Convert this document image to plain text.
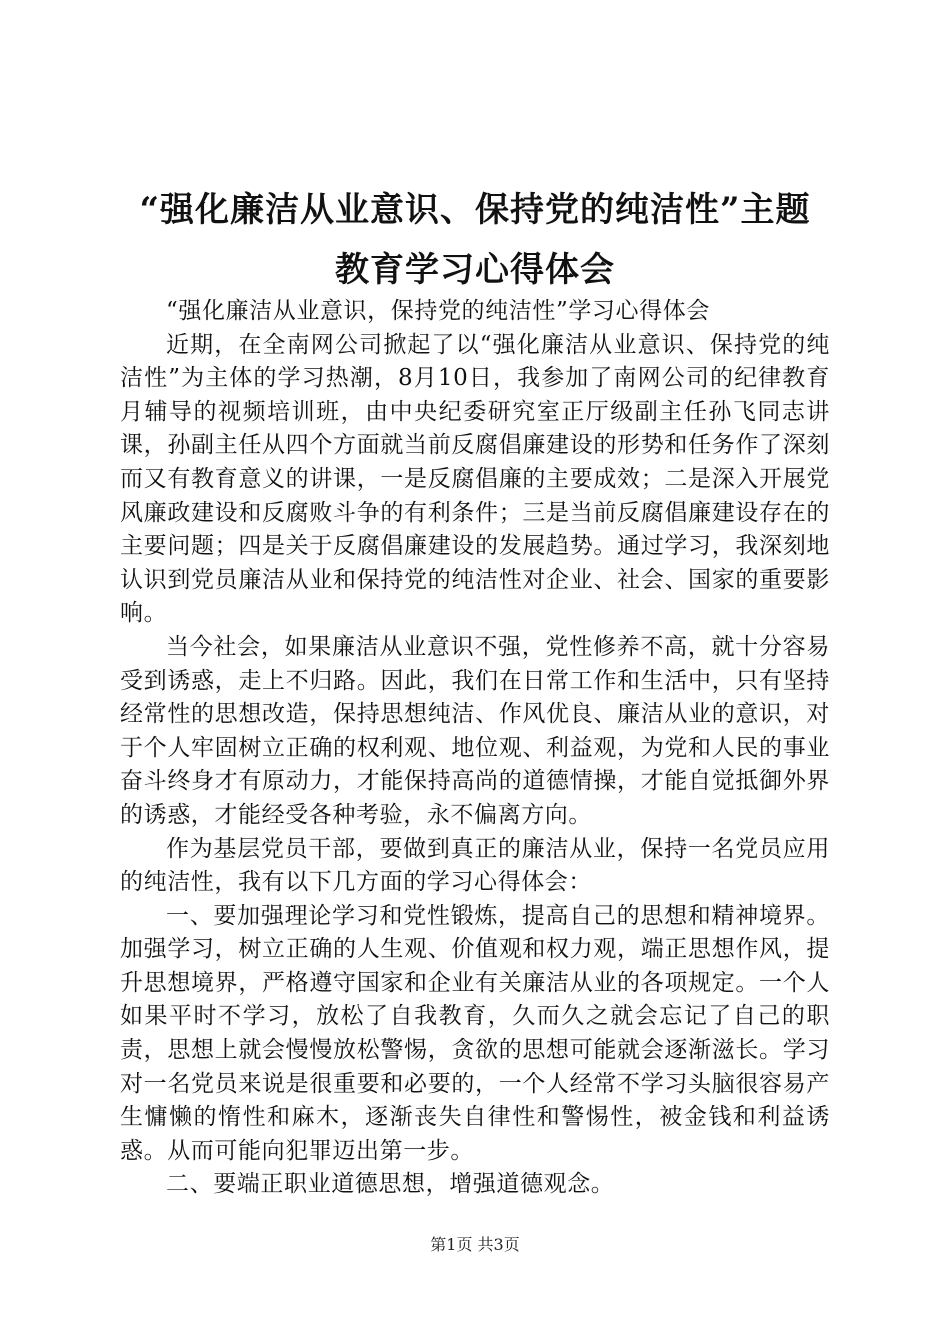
“强化廉洁从业意识、保持党的纯洁性”主题
教育学习心得体会

“强化廉洁从业意识，保持党的纯洁性”学习心得体会

近期，在全南网公司掀起了以“强化廉洁从业意识、保持党的纯洁性”为主体的学习热潮，8月10日，我参加了南网公司的纪律教育月辅导的视频培训班，由中央纪委研究室正厅级副主任孙飞同志讲课，孙副主任从四个方面就当前反腐倡廉建设的形势和任务作了深刻而又有教育意义的讲课，一是反腐倡廉的主要成效；二是深入开展党风廉政建设和反腐败斗争的有利条件；三是当前反腐倡廉建设存在的主要问题；四是关于反腐倡廉建设的发展趋势。通过学习，我深刻地认识到党员廉洁从业和保持党的纯洁性对企业、社会、国家的重要影响。

当今社会，如果廉洁从业意识不强，党性修养不高，就十分容易受到诱惑，走上不归路。因此，我们在日常工作和生活中，只有坚持经常性的思想改造，保持思想纯洁、作风优良、廉洁从业的意识，对于个人牢固树立正确的权利观、地位观、利益观，为党和人民的事业奋斗终身才有原动力，才能保持高尚的道德情操，才能自觉抵御外界的诱惑，才能经受各种考验，永不偏离方向。

作为基层党员干部，要做到真正的廉洁从业，保持一名党员应用的纯洁性，我有以下几方面的学习心得体会：

一、要加强理论学习和党性锻炼，提高自己的思想和精神境界。加强学习，树立正确的人生观、价值观和权力观，端正思想作风，提升思想境界，严格遵守国家和企业有关廉洁从业的各项规定。一个人如果平时不学习，放松了自我教育，久而久之就会忘记了自己的职责，思想上就会慢慢放松警惕，贪欲的思想可能就会逐渐滋长。学习对一名党员来说是很重要和必要的，一个人经常不学习头脑很容易产生慵懒的惰性和麻木，逐渐丧失自律性和警惕性，被金钱和利益诱惑。从而可能向犯罪迈出第一步。

二、要端正职业道德思想，增强道德观念。

第1页 共3页
